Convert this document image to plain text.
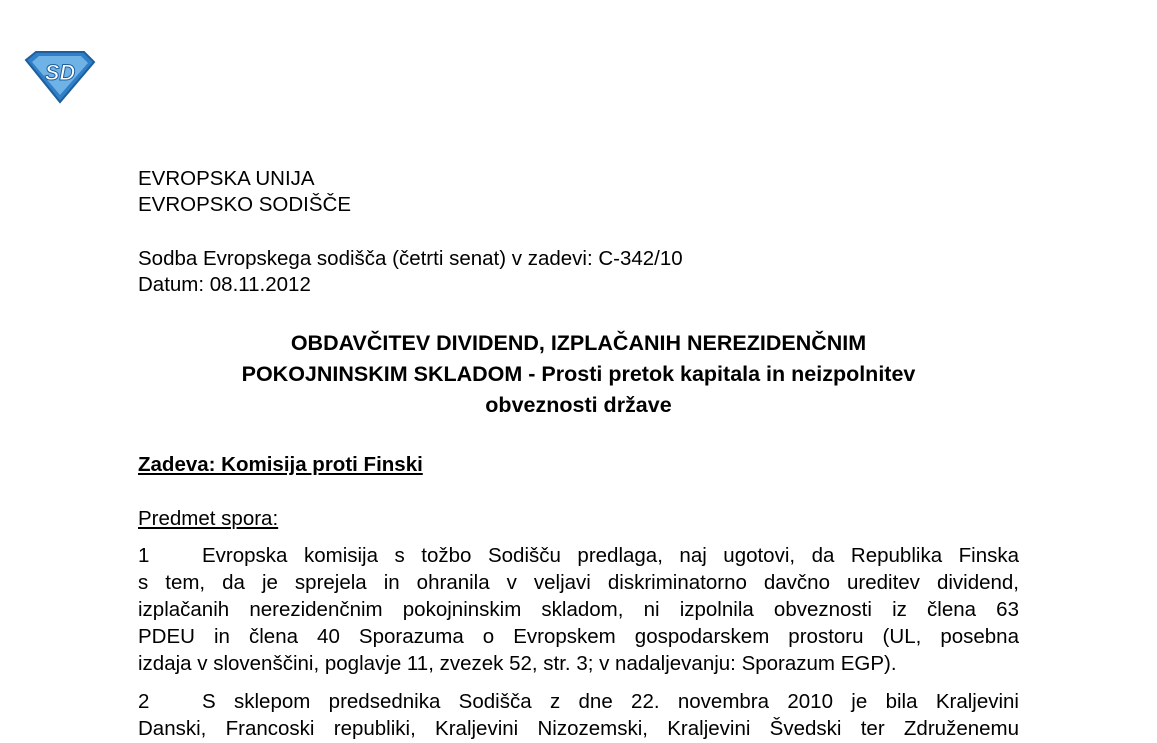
SD
EVROPSKA UNIJA
EVROPSKO SODIŠČE
Sodba Evropskega sodišča (četrti senat) v zadevi: C-342/10
Datum: 08.11.2012
OBDAVČITEV DIVIDEND, IZPLAČANIH NEREZIDENČNIM
POKOJNINSKIM SKLADOM - Prosti pretok kapitala in neizpolnitev
obveznosti države
Zadeva: Komisija proti Finski
Predmet spora:
1	Evropska komisija s tožbo Sodišču predlaga, naj ugotovi, da Republika Finska
s tem, da je sprejela in ohranila v veljavi diskriminatorno davčno ureditev dividend,
izplačanih nerezidenčnim pokojninskim skladom, ni izpolnila obveznosti iz člena 63
PDEU in člena 40 Sporazuma o Evropskem gospodarskem prostoru (UL, posebna
izdaja v slovenščini, poglavje 11, zvezek 52, str. 3; v nadaljevanju: Sporazum EGP).
2	S sklepom predsednika Sodišča z dne 22. novembra 2010 je bila Kraljevini
Danski, Francoski republiki, Kraljevini Nizozemski, Kraljevini Švedski ter Združenemu
